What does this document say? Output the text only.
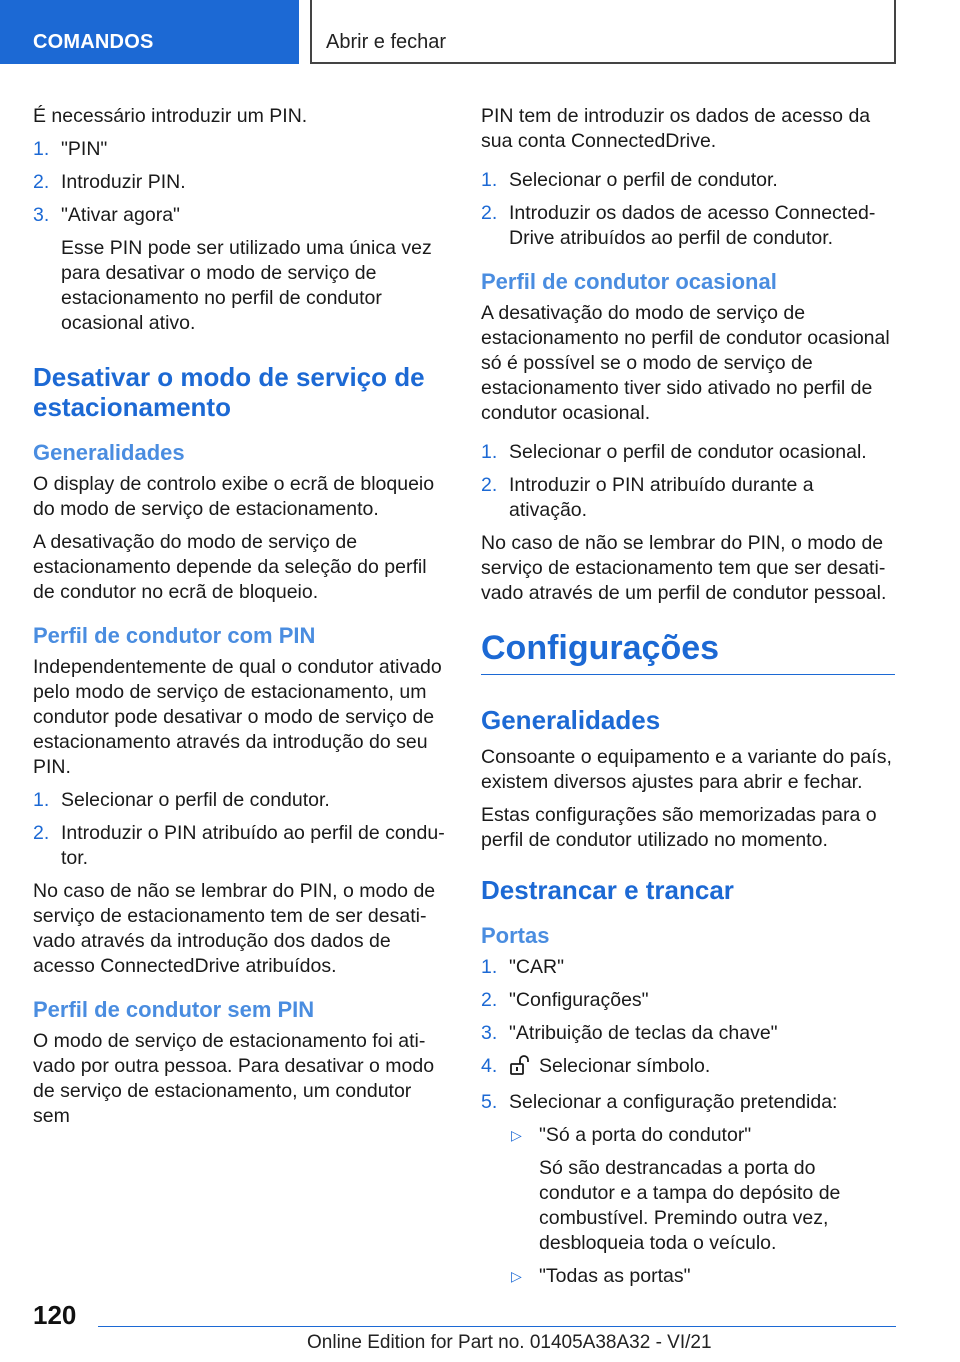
COMANDOS	Abrir e fechar

É necessário introduzir um PIN.

1. "PIN"
2. Introduzir PIN.
3. "Ativar agora"
Esse PIN pode ser utilizado uma única vez para desativar o modo de serviço de estacionamento no perfil de condutor ocasional ativo.
Desativar o modo de serviço de estacionamento
Generalidades

O display de controlo exibe o ecrã de bloqueio do modo de serviço de estacionamento.

A desativação do modo de serviço de estacionamento depende da seleção do perfil de condutor no ecrã de bloqueio.

Perfil de condutor com PIN

Independentemente de qual o condutor ativado pelo modo de serviço de estacionamento, um condutor pode desativar o modo de serviço de estacionamento através da introdução do seu PIN.

1. Selecionar o perfil de condutor.
2. Introduzir o PIN atribuído ao perfil de condutor.

No caso de não se lembrar do PIN, o modo de serviço de estacionamento tem de ser desativado através da introdução dos dados de acesso ConnectedDrive atribuídos.

Perfil de condutor sem PIN

O modo de serviço de estacionamento foi ativado por outra pessoa. Para desativar o modo de serviço de estacionamento, um condutor sem

PIN tem de introduzir os dados de acesso da sua conta ConnectedDrive.

1. Selecionar o perfil de condutor.
2. Introduzir os dados de acesso ConnectedDrive atribuídos ao perfil de condutor.
Perfil de condutor ocasional

A desativação do modo de serviço de estacionamento no perfil de condutor ocasional só é possível se o modo de serviço de estacionamento tiver sido ativado no perfil de condutor ocasional.

1. Selecionar o perfil de condutor ocasional.
2. Introduzir o PIN atribuído durante a ativação.

No caso de não se lembrar do PIN, o modo de serviço de estacionamento tem que ser desativado através de um perfil de condutor pessoal.

Configurações
Generalidades

Consoante o equipamento e a variante do país, existem diversos ajustes para abrir e fechar.

Estas configurações são memorizadas para o perfil de condutor utilizado no momento.

Destrancar e trancar
Portas
1. "CAR"
2. "Configurações"
3. "Atribuição de teclas da chave"
4. Selecionar símbolo.
5. Selecionar a configuração pretendida:
▷ "Só a porta do condutor"
Só são destrancadas a porta do condutor e a tampa do depósito de combustível. Premindo outra vez, desbloqueia toda o veículo.
▷ "Todas as portas"
120
Online Edition for Part no. 01405A38A32 - VI/21
